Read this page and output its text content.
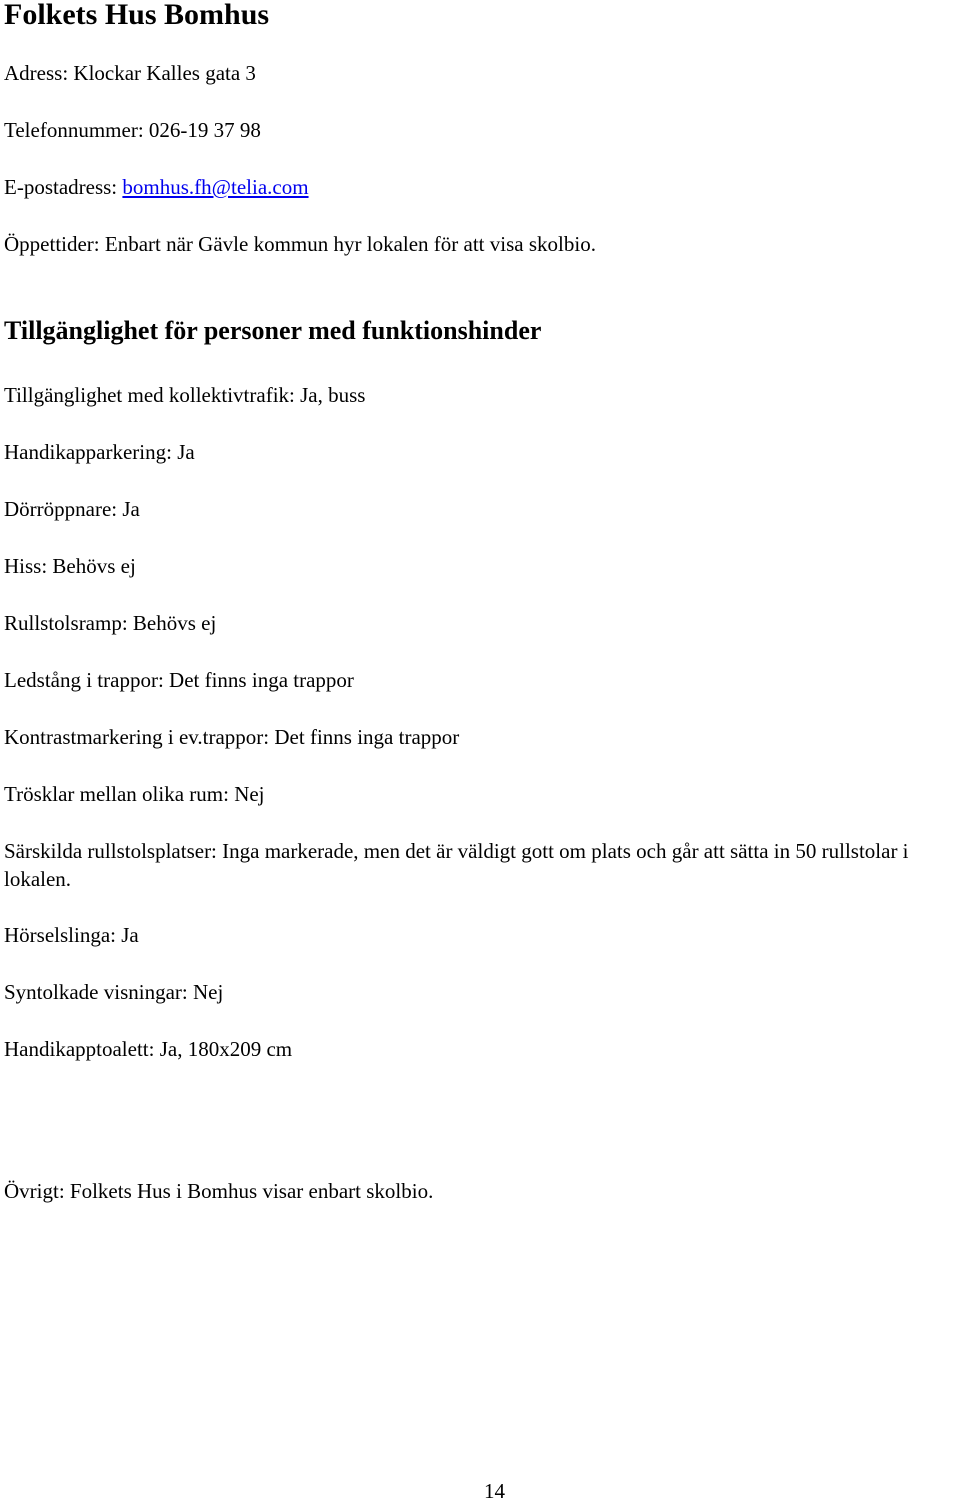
Folkets Hus Bomhus

Adress: Klockar Kalles gata 3

Telefonnummer: 026-19 37 98

E-postadress: bomhus.fh@telia.com

Öppettider: Enbart när Gävle kommun hyr lokalen för att visa skolbio.

Tillgänglighet för personer med funktionshinder

Tillgänglighet med kollektivtrafik: Ja, buss

Handikapparkering: Ja

Dörröppnare: Ja

Hiss: Behövs ej

Rullstolsramp: Behövs ej

Ledstång i trappor: Det finns inga trappor

Kontrastmarkering i ev.trappor: Det finns inga trappor

Trösklar mellan olika rum: Nej

Särskilda rullstolsplatser: Inga markerade, men det är väldigt gott om plats och går att sätta in 50 rullstolar i lokalen.

Hörselslinga: Ja

Syntolkade visningar: Nej

Handikapptoalett: Ja, 180x209 cm

Övrigt: Folkets Hus i Bomhus visar enbart skolbio.

14
